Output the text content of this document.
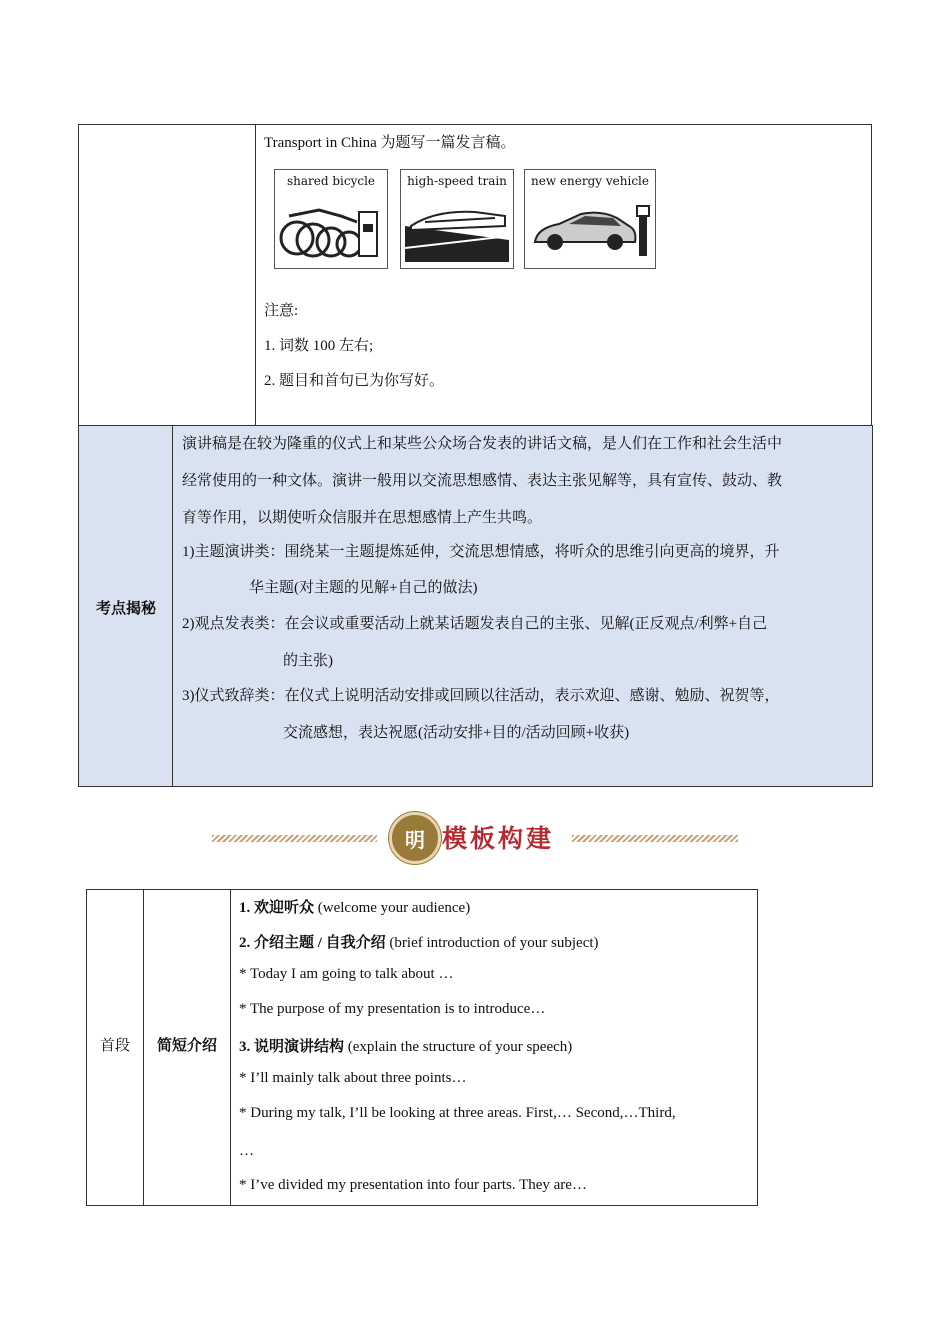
Transport in China 为题写一篇发言稿。
shared bicycle	high-speed train	new energy vehicle
注意:
1. 词数 100 左右;
2. 题目和首句已为你写好。
考点揭秘
演讲稿是在较为隆重的仪式上和某些公众场合发表的讲话文稿，是人们在工作和社会生活中
经常使用的一种文体。演讲一般用以交流思想感情、表达主张见解等，具有宣传、鼓动、教
育等作用，以期使听众信服并在思想感情上产生共鸣。
1)主题演讲类：围绕某一主题提炼延伸，交流思想情感，将听众的思维引向更高的境界，升
华主题(对主题的见解+自己的做法)
2)观点发表类：在会议或重要活动上就某话题发表自己的主张、见解(正反观点/利弊+自己
的主张)
3)仪式致辞类：在仪式上说明活动安排或回顾以往活动，表示欢迎、感谢、勉励、祝贺等，
交流感想，表达祝愿(活动安排+目的/活动回顾+收获)
明 模板构建
首段	简短介绍
1. 欢迎听众 (welcome your audience)
2. 介绍主题 / 自我介绍 (brief introduction of your subject)
* Today I am going to talk about …
* The purpose of my presentation is to introduce…
3. 说明演讲结构 (explain the structure of your speech)
* I’ll mainly talk about three points…
* During my talk, I’ll be looking at three areas. First,… Second,…Third,
…
* I’ve divided my presentation into four parts. They are…
